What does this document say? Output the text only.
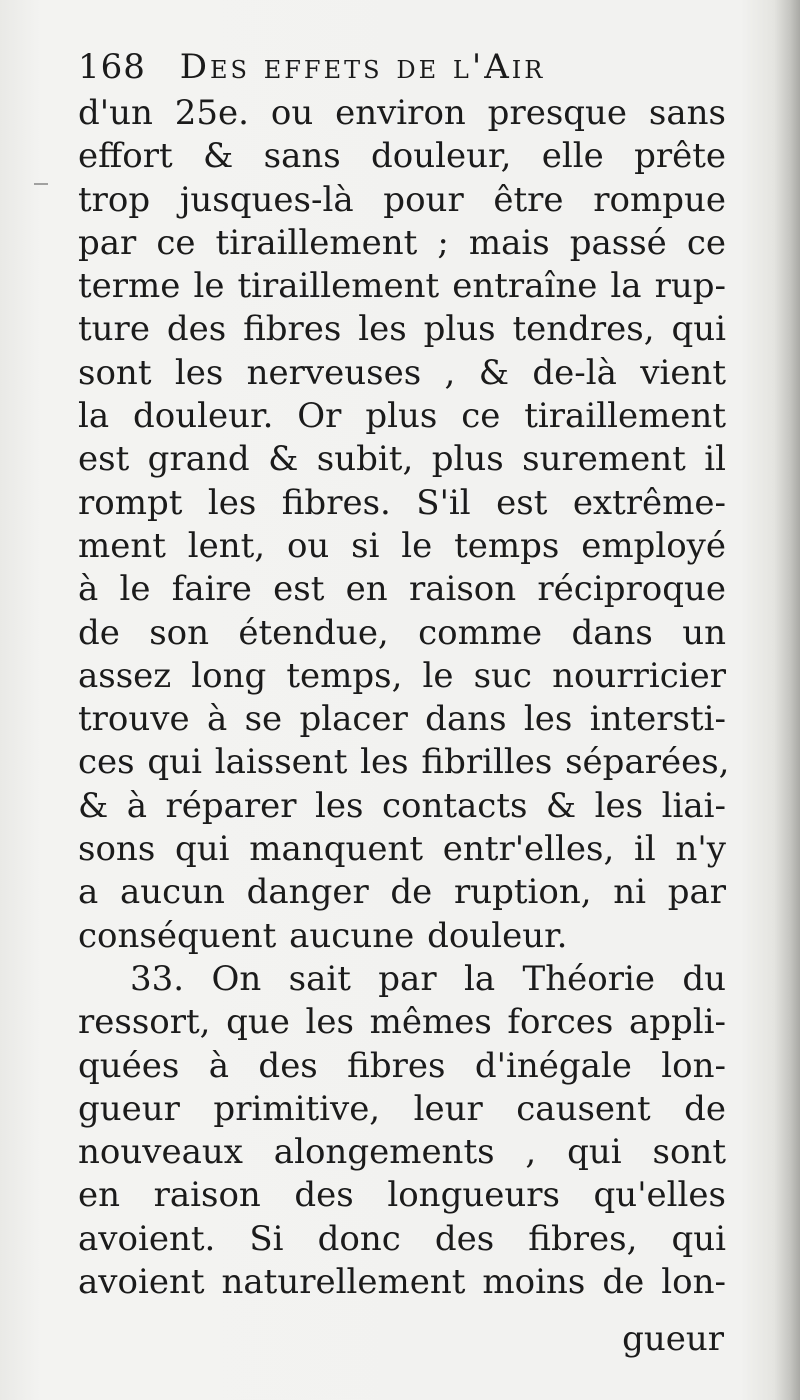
168 Des effets de l'Air
d'un 25e. ou environ presque sans
effort & sans douleur, elle prête
trop jusques-là pour être rompue
par ce tiraillement ; mais passé ce
terme le tiraillement entraîne la rup-
ture des fibres les plus tendres, qui
sont les nerveuses , & de-là vient
la douleur. Or plus ce tiraillement
est grand & subit, plus surement il
rompt les fibres. S'il est extrême-
ment lent, ou si le temps employé
à le faire est en raison réciproque
de son étendue, comme dans un
assez long temps, le suc nourricier
trouve à se placer dans les intersti-
ces qui laissent les fibrilles séparées,
& à réparer les contacts & les liai-
sons qui manquent entr'elles, il n'y
a aucun danger de ruption, ni par
conséquent aucune douleur.
33. On sait par la Théorie du
ressort, que les mêmes forces appli-
quées à des fibres d'inégale lon-
gueur primitive, leur causent de
nouveaux alongements , qui sont
en raison des longueurs qu'elles
avoient. Si donc des fibres, qui
avoient naturellement moins de lon-
gueur
